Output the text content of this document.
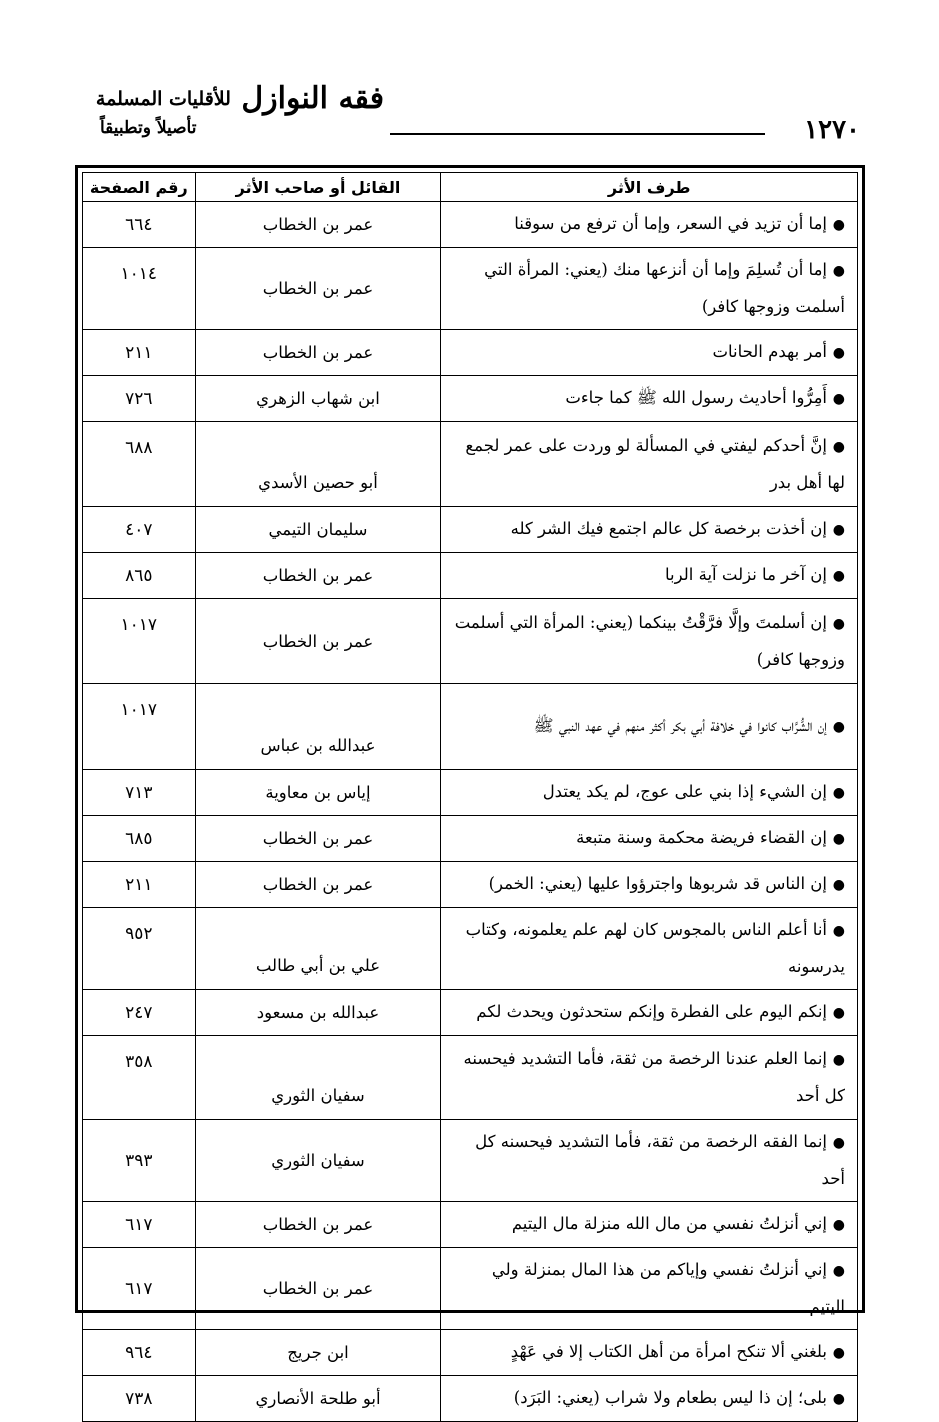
١٢٧٠
فقه النوازل $^{للأقليات المسلمة}$
تأصيلاً وتطبيقاً
طرف الأثر	القائل أو صاحب الأثر	رقم الصفحة
●إما أن تزيد في السعر، وإما أن ترفع من سوقنا	عمر بن الخطاب	٦٦٤
●إما أن تُسلِمَ وإما أن أنزعها منك (يعني: المرأة التي أسلمت وزوجها كافر)	عمر بن الخطاب	١٠١٤
●أمر بهدم الحانات	عمر بن الخطاب	٢١١
●أَمِرُّوا أحاديث رسول الله ﷺ كما جاءت	ابن شهاب الزهري	٧٢٦
●إنَّ أحدكم ليفتي في المسألة لو وردت على عمر لجمع لها أهل بدر	أبو حصين الأسدي	٦٨٨
●إن أخذت برخصة كل عالم اجتمع فيك الشر كله	سليمان التيمي	٤٠٧
●إن آخر ما نزلت آية الربا	عمر بن الخطاب	٨٦٥
●إن أسلمتَ وإلَّا فرَّقْتُ بينكما (يعني: المرأة التي أسلمت وزوجها كافر)	عمر بن الخطاب	١٠١٧
●إن الشُّرَّاب كانوا في خلافة أبي بكر أكثر منهم في عهد النبي ﷺ	عبدالله بن عباس	١٠١٧
●إن الشيء إذا بني على عوج، لم يكد يعتدل	إياس بن معاوية	٧١٣
●إن القضاء فريضة محكمة وسنة متبعة	عمر بن الخطاب	٦٨٥
●إن الناس قد شربوها واجترؤوا عليها (يعني: الخمر)	عمر بن الخطاب	٢١١
●أنا أعلم الناس بالمجوس كان لهم علم يعلمونه، وكتاب يدرسونه	علي بن أبي طالب	٩٥٢
●إنكم اليوم على الفطرة وإنكم ستحدثون ويحدث لكم	عبدالله بن مسعود	٢٤٧
●إنما العلم عندنا الرخصة من ثقة، فأما التشديد فيحسنه كل أحد	سفيان الثوري	٣٥٨
●إنما الفقه الرخصة من ثقة، فأما التشديد فيحسنه كل أحد	سفيان الثوري	٣٩٣
●إني أنزلتُ نفسي من مال الله منزلة مال اليتيم	عمر بن الخطاب	٦١٧
●إني أنزلتُ نفسي وإياكم من هذا المال بمنزلة ولي اليتيم	عمر بن الخطاب	٦١٧
●بلغني ألا تنكح امرأة من أهل الكتاب إلا في عَهْدٍ	ابن جريج	٩٦٤
●بلى؛ إن ذا ليس بطعام ولا شراب (يعني: البَرَد)	أبو طلحة الأنصاري	٧٣٨
